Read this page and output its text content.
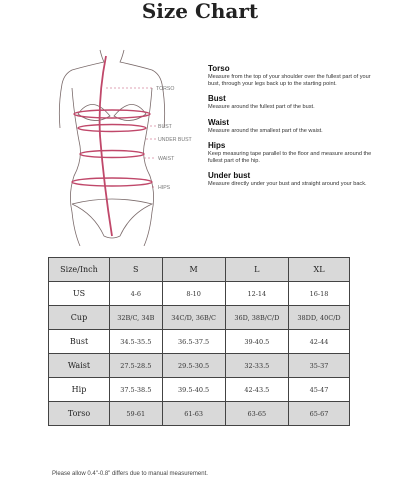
Size Chart
TORSO
BUST
UNDER BUST
WAIST
HIPS
Torso
Measure from the top of your shoulder over the fullest part of your bust, through your legs back up to the starting point.
Bust
Measure around the fullest part of the bust.
Waist
Measure around the smallest part of the waist.
Hips
Keep measuring tape parallel to the floor and measure around the fullest part of the hip.
Under bust
Measure directly under your bust and straight around your back.
Size/Inch	S	M	L	XL
US	4-6	8-10	12-14	16-18
Cup	32B/C, 34B	34C/D, 36B/C	36D, 38B/C/D	38DD, 40C/D
Bust	34.5-35.5	36.5-37.5	39-40.5	42-44
Waist	27.5-28.5	29.5-30.5	32-33.5	35-37
Hip	37.5-38.5	39.5-40.5	42-43.5	45-47
Torso	59-61	61-63	63-65	65-67
Please allow 0.4"-0.8" differs due to manual measurement.
